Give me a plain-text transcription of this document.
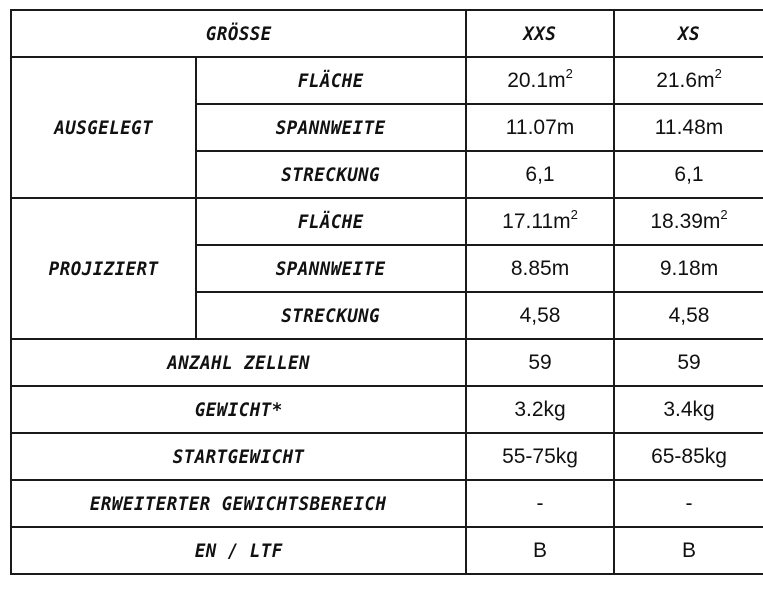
GRÖSSE		XXS	XS
AUSGELEGT	FLÄCHE	$20.1m^2$	$21.6m^2$
	SPANNWEITE	11.07m	11.48m
	STRECKUNG	6,1	6,1
PROJIZIERT	FLÄCHE	$17.11m^2$	$18.39m^2$
	SPANNWEITE	8.85m	9.18m
	STRECKUNG	4,58	4,58
ANZAHL ZELLEN		59	59
GEWICHT*		3.2kg	3.4kg
STARTGEWICHT		55-75kg	65-85kg
ERWEITERTER GEWICHTSBEREICH		-	-
EN / LTF		B	B
